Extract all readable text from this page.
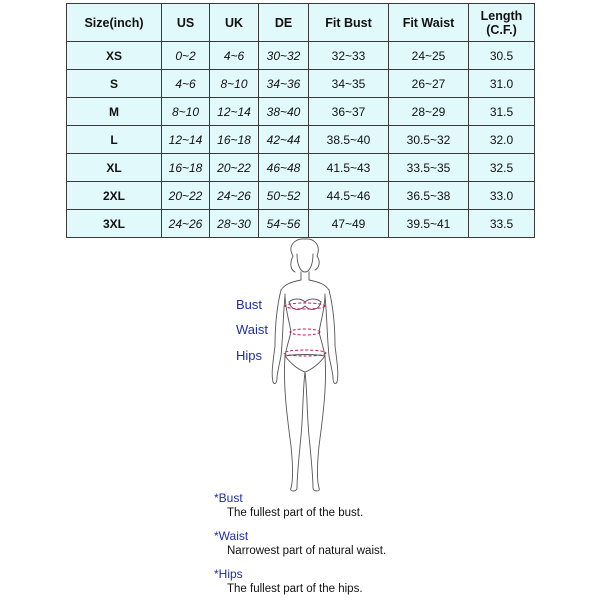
Size(inch)	US	UK	DE	Fit Bust	Fit Waist	Length
(C.F.)
XS	0~2	4~6	30~32	32~33	24~25	30.5
S	4~6	8~10	34~36	34~35	26~27	31.0
M	8~10	12~14	38~40	36~37	28~29	31.5
L	12~14	16~18	42~44	38.5~40	30.5~32	32.0
XL	16~18	20~22	46~48	41.5~43	33.5~35	32.5
2XL	20~22	24~26	50~52	44.5~46	36.5~38	33.0
3XL	24~26	28~30	54~56	47~49	39.5~41	33.5
Bust
Waist
Hips
*Bust
The fullest part of the bust.
*Waist
Narrowest part of natural waist.
*Hips
The fullest part of the hips.
